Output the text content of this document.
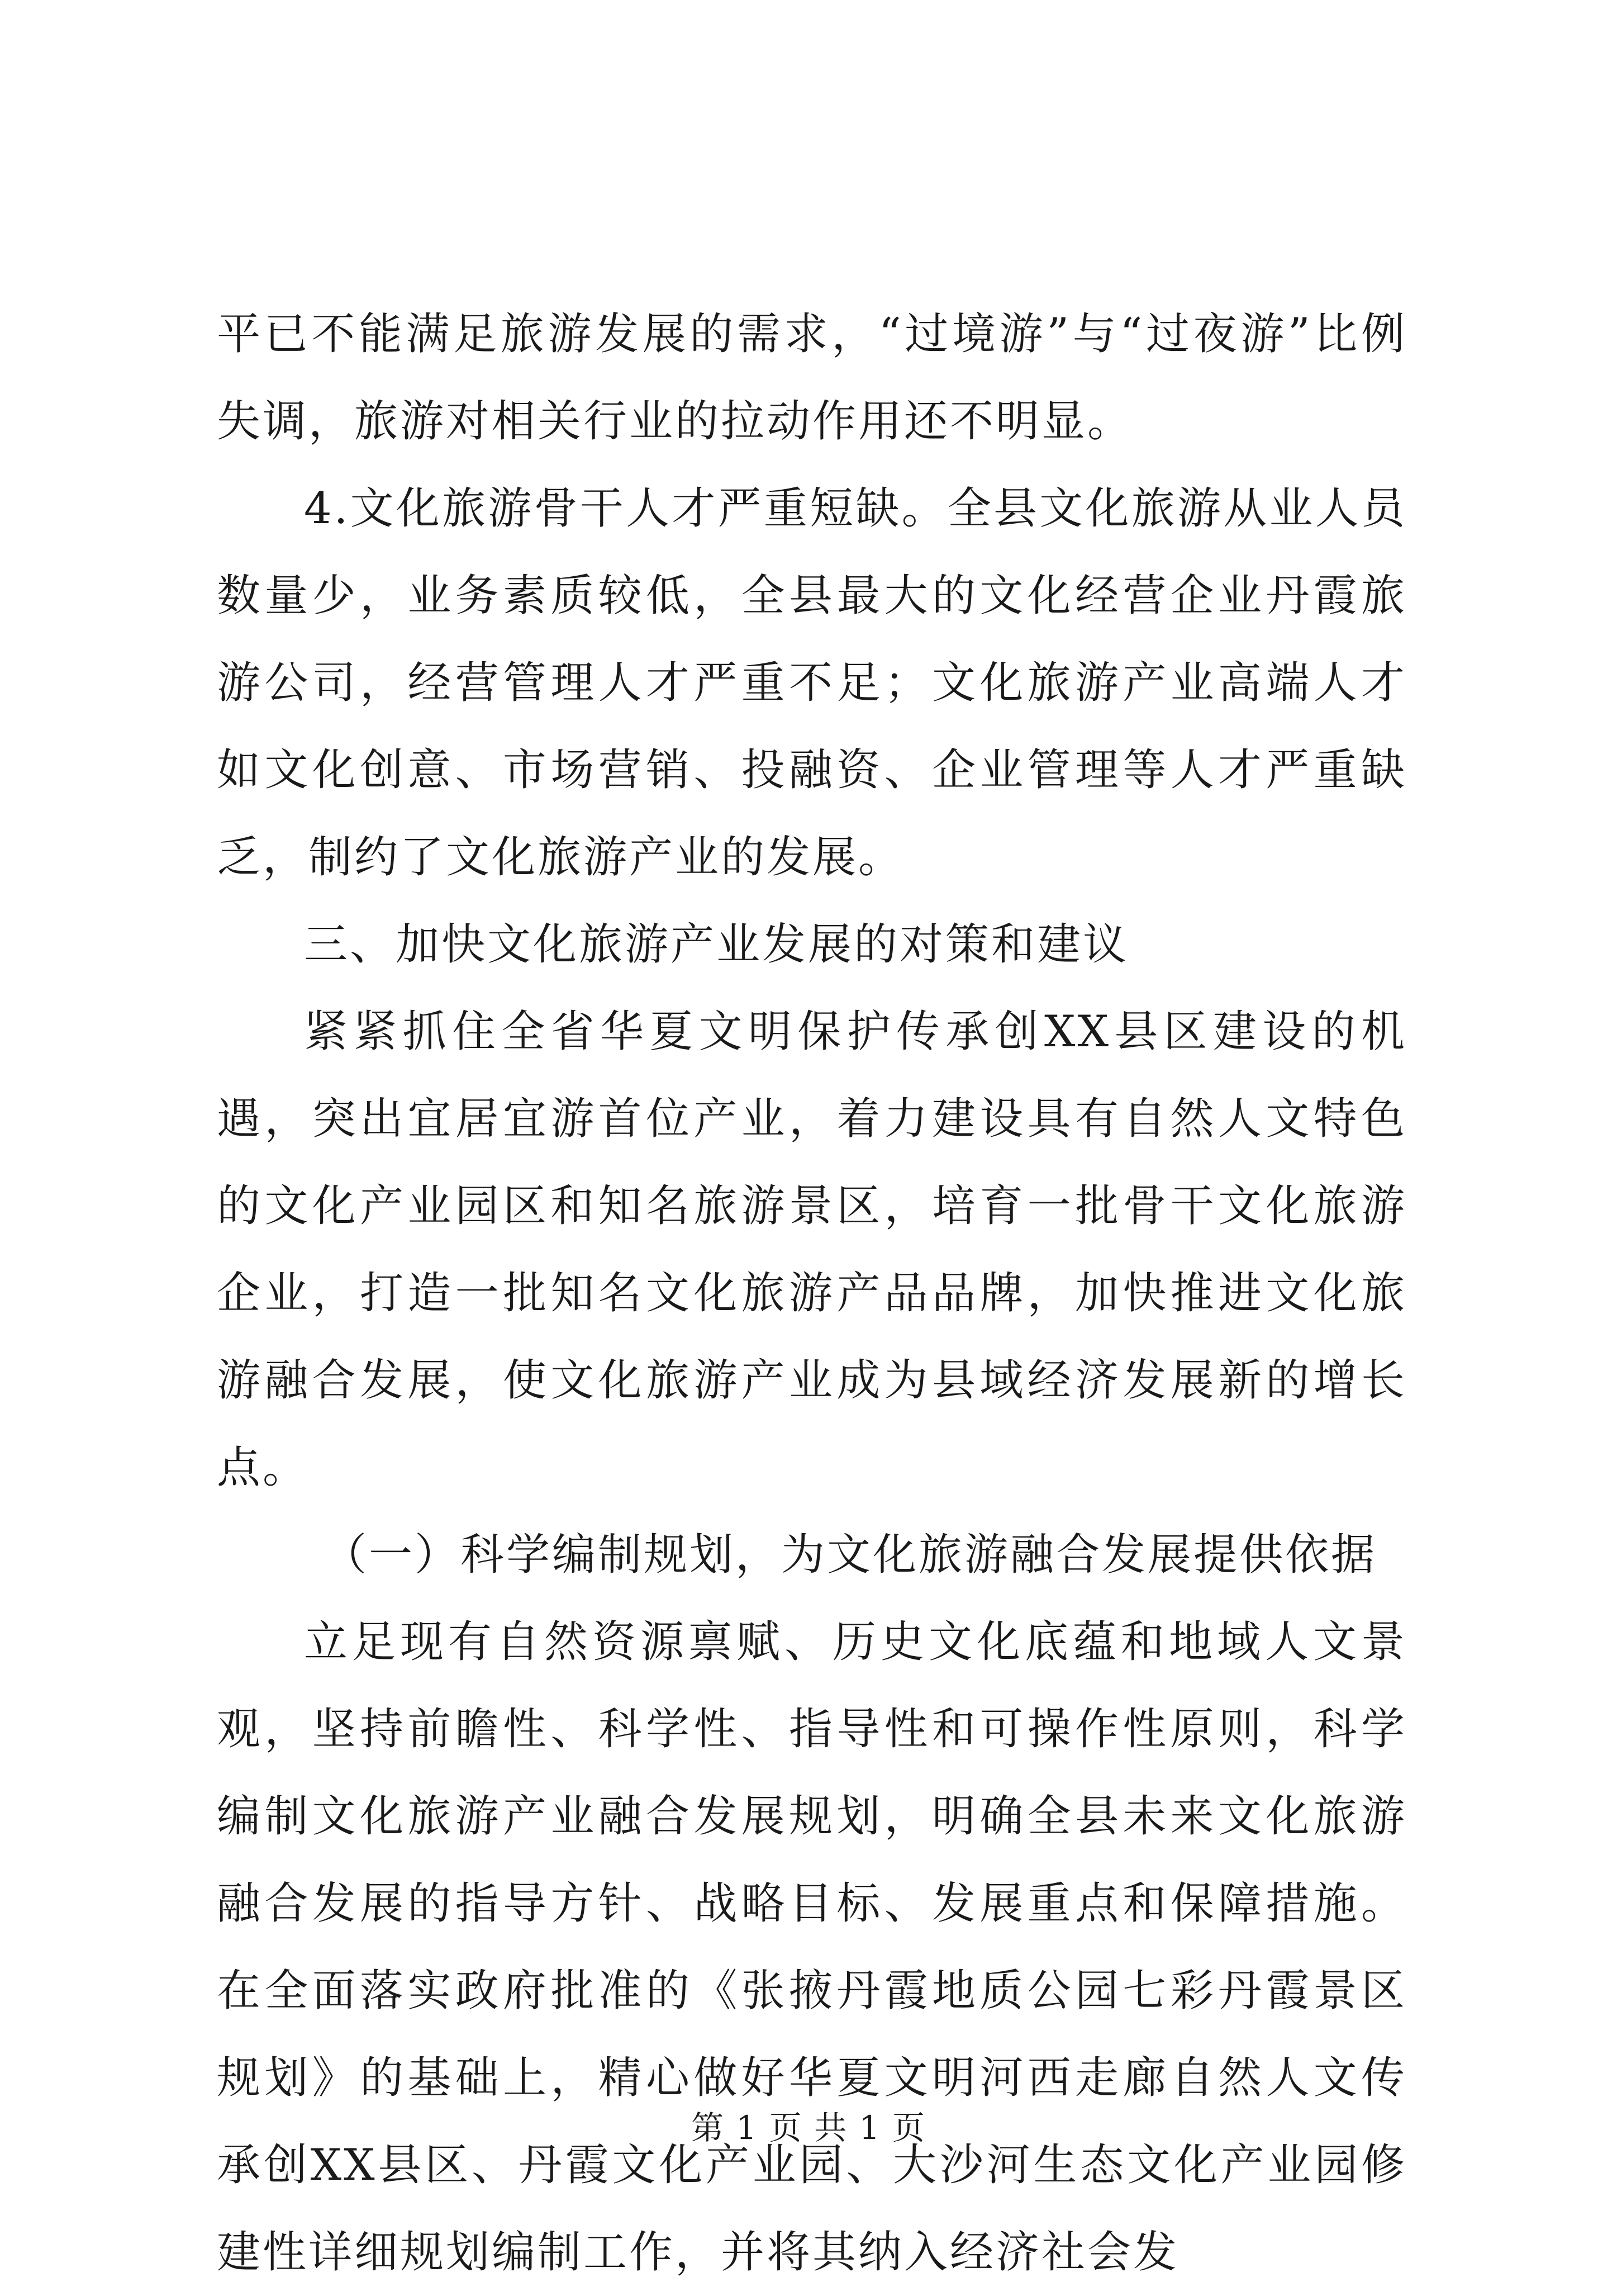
平已不能满足旅游发展的需求，“过境游”与“过夜游”比例失调，旅游对相关行业的拉动作用还不明显。

4.文化旅游骨干人才严重短缺。全县文化旅游从业人员数量少，业务素质较低，全县最大的文化经营企业丹霞旅游公司，经营管理人才严重不足；文化旅游产业高端人才如文化创意、市场营销、投融资、企业管理等人才严重缺乏，制约了文化旅游产业的发展。

三、加快文化旅游产业发展的对策和建议

紧紧抓住全省华夏文明保护传承创XX县区建设的机遇，突出宜居宜游首位产业，着力建设具有自然人文特色的文化产业园区和知名旅游景区，培育一批骨干文化旅游企业，打造一批知名文化旅游产品品牌，加快推进文化旅游融合发展，使文化旅游产业成为县域经济发展新的增长点。

（一）科学编制规划，为文化旅游融合发展提供依据

立足现有自然资源禀赋、历史文化底蕴和地域人文景观，坚持前瞻性、科学性、指导性和可操作性原则，科学编制文化旅游产业融合发展规划，明确全县未来文化旅游融合发展的指导方针、战略目标、发展重点和保障措施。在全面落实政府批准的《张掖丹霞地质公园七彩丹霞景区规划》的基础上，精心做好华夏文明河西走廊自然人文传承创XX县区、丹霞文化产业园、大沙河生态文化产业园修建性详细规划编制工作，并将其纳入经济社会发

第 1 页 共 1 页
